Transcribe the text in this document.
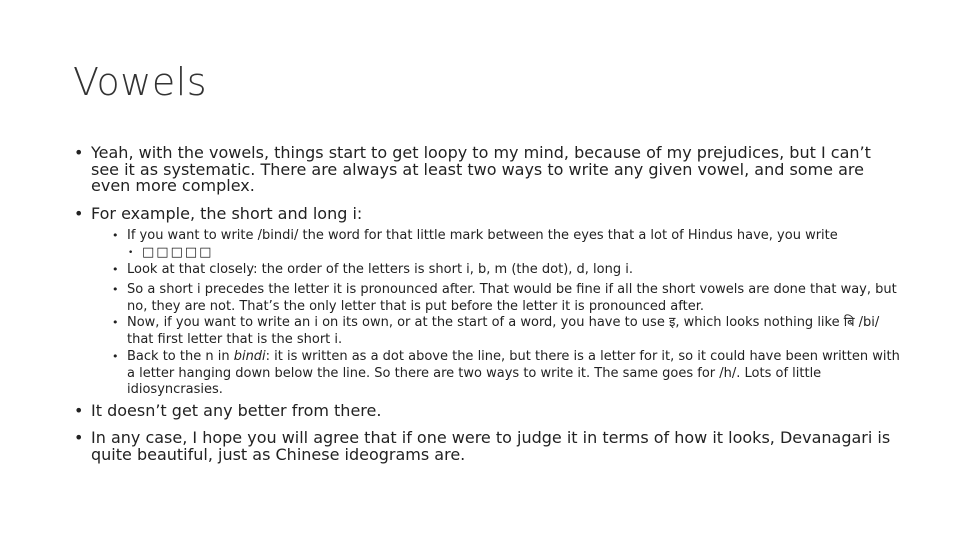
Vowels
• Yeah, with the vowels, things start to get loopy to my mind, because of my prejudices, but I can’t see it as systematic. There are always at least two ways to write any given vowel, and some are even more complex.
• For example, the short and long i:
• If you want to write /bindi/ the word for that little mark between the eyes that a lot of Hindus have, you write
• □□□□□
• Look at that closely: the order of the letters is short i, b, m (the dot), d, long i.
• So a short i precedes the letter it is pronounced after. That would be fine if all the short vowels are done that way, but no, they are not. That’s the only letter that is put before the letter it is pronounced after.
• Now, if you want to write an i on its own, or at the start of a word, you have to use इ, which looks nothing like बि /bi/ that first letter that is the short i.
• Back to the n in bindi: it is written as a dot above the line, but there is a letter for it, so it could have been written with a letter hanging down below the line. So there are two ways to write it. The same goes for /h/. Lots of little idiosyncrasies.
• It doesn’t get any better from there.
• In any case, I hope you will agree that if one were to judge it in terms of how it looks, Devanagari is quite beautiful, just as Chinese ideograms are.
